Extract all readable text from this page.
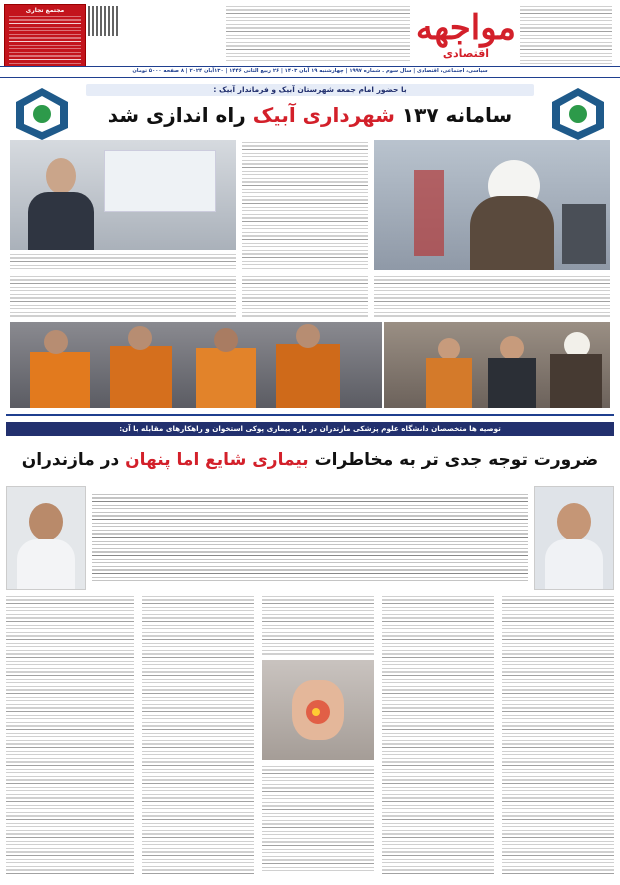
مواجهه
اقتصادی
مجتمع تجاری
سیاسی، اجتماعی، اقتصادی | سال سوم . شماره ۱۹۹۷ | چهارشنبه ۱۹ آبان ۱۴۰۳ | ۲۶ ربیع الثانی ۱۴۴۶ | ۱۳۰آبان ۲۰۲۴ | ۸ صفحه ۵۰۰۰ تومان
با حضور امام جمعه شهرستان آبیک و فرماندار آبیک :
سامانه ۱۳۷ شهرداری آبیک راه اندازی شد
توصیه ها متخصصان دانشگاه علوم پزشکی مازندران در باره بیماری پوکی استخوان و راهکارهای مقابله با آن:
ضرورت توجه جدی تر به مخاطرات بیماری شایع اما پنهان در مازندران
